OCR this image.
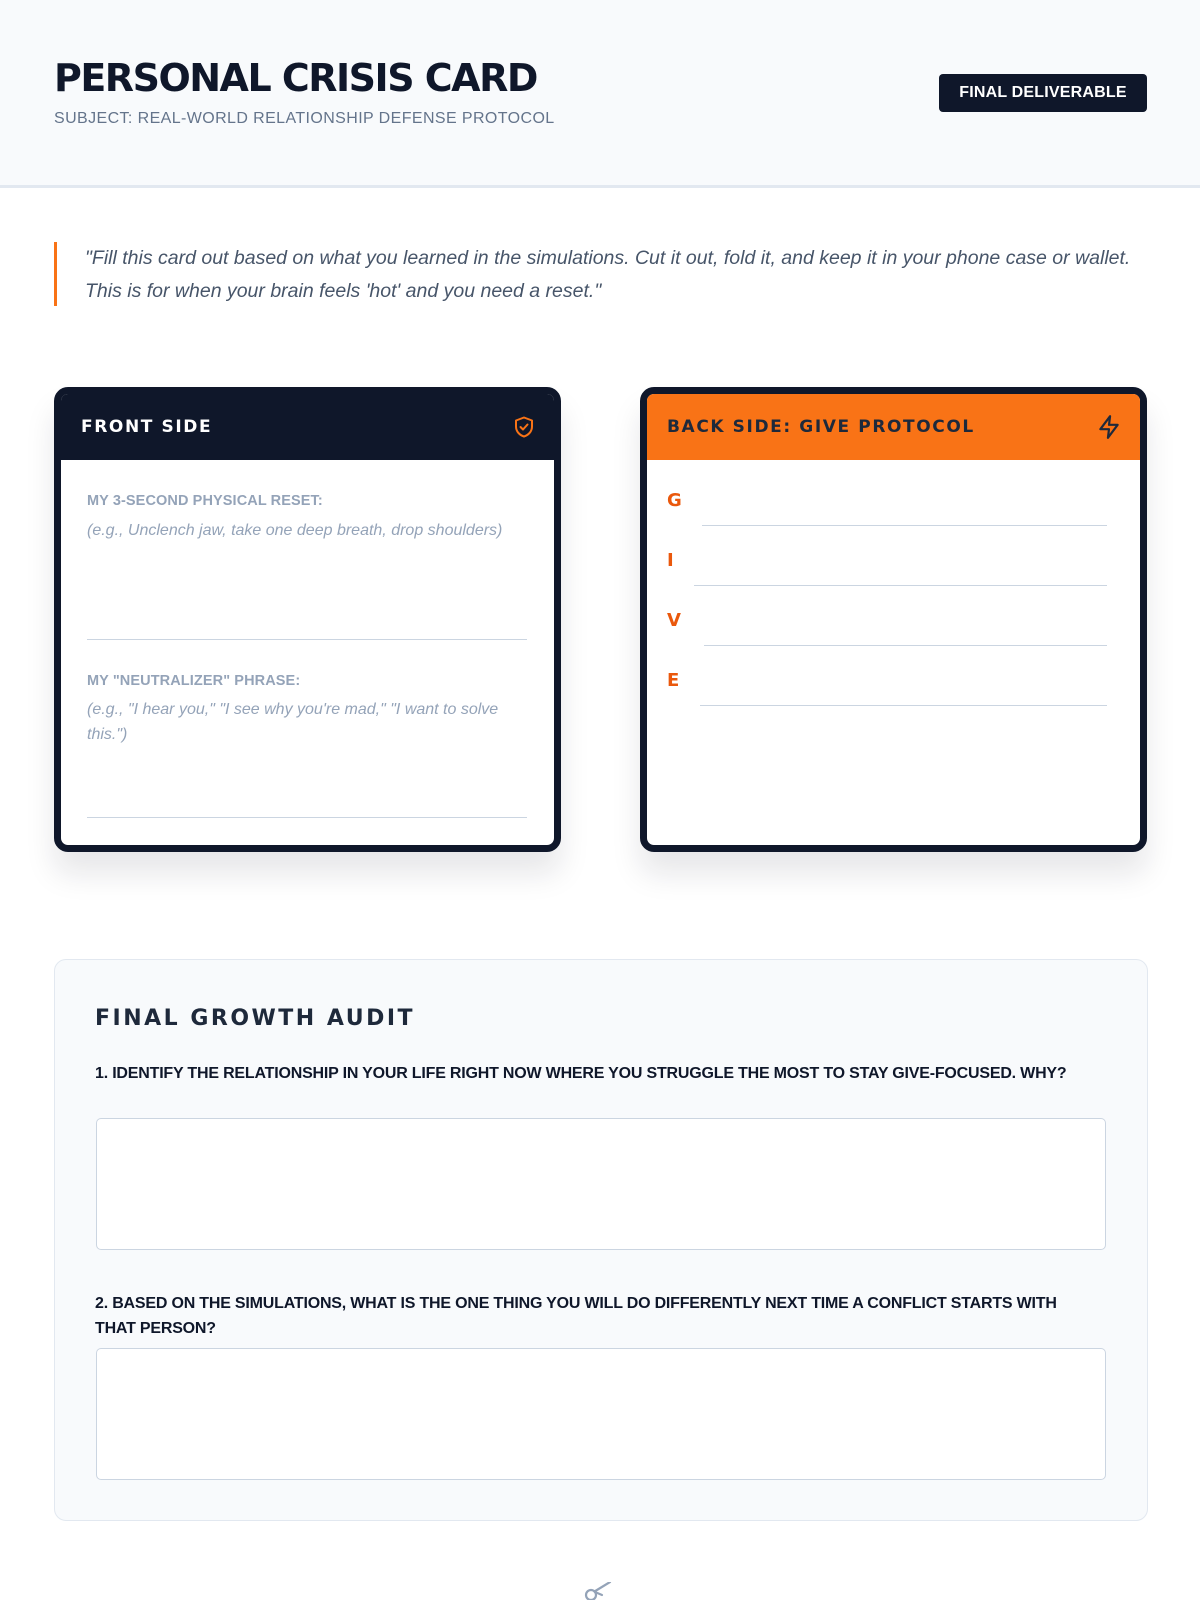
PERSONAL CRISIS CARD
SUBJECT: REAL-WORLD RELATIONSHIP DEFENSE PROTOCOL
FINAL DELIVERABLE
"Fill this card out based on what you learned in the simulations. Cut it out, fold it, and keep it in your phone case or wallet. This is for when your brain feels 'hot' and you need a reset."
FRONT SIDE
MY 3-SECOND PHYSICAL RESET:
(e.g., Unclench jaw, take one deep breath, drop shoulders)
MY "NEUTRALIZER" PHRASE:
(e.g., "I hear you," "I see why you're mad," "I want to solve this.")
BACK SIDE: GIVE PROTOCOL
G
I
V
E
FINAL GROWTH AUDIT
1. IDENTIFY THE RELATIONSHIP IN YOUR LIFE RIGHT NOW WHERE YOU STRUGGLE THE MOST TO STAY GIVE-FOCUSED. WHY?
2. BASED ON THE SIMULATIONS, WHAT IS THE ONE THING YOU WILL DO DIFFERENTLY NEXT TIME A CONFLICT STARTS WITH THAT PERSON?
